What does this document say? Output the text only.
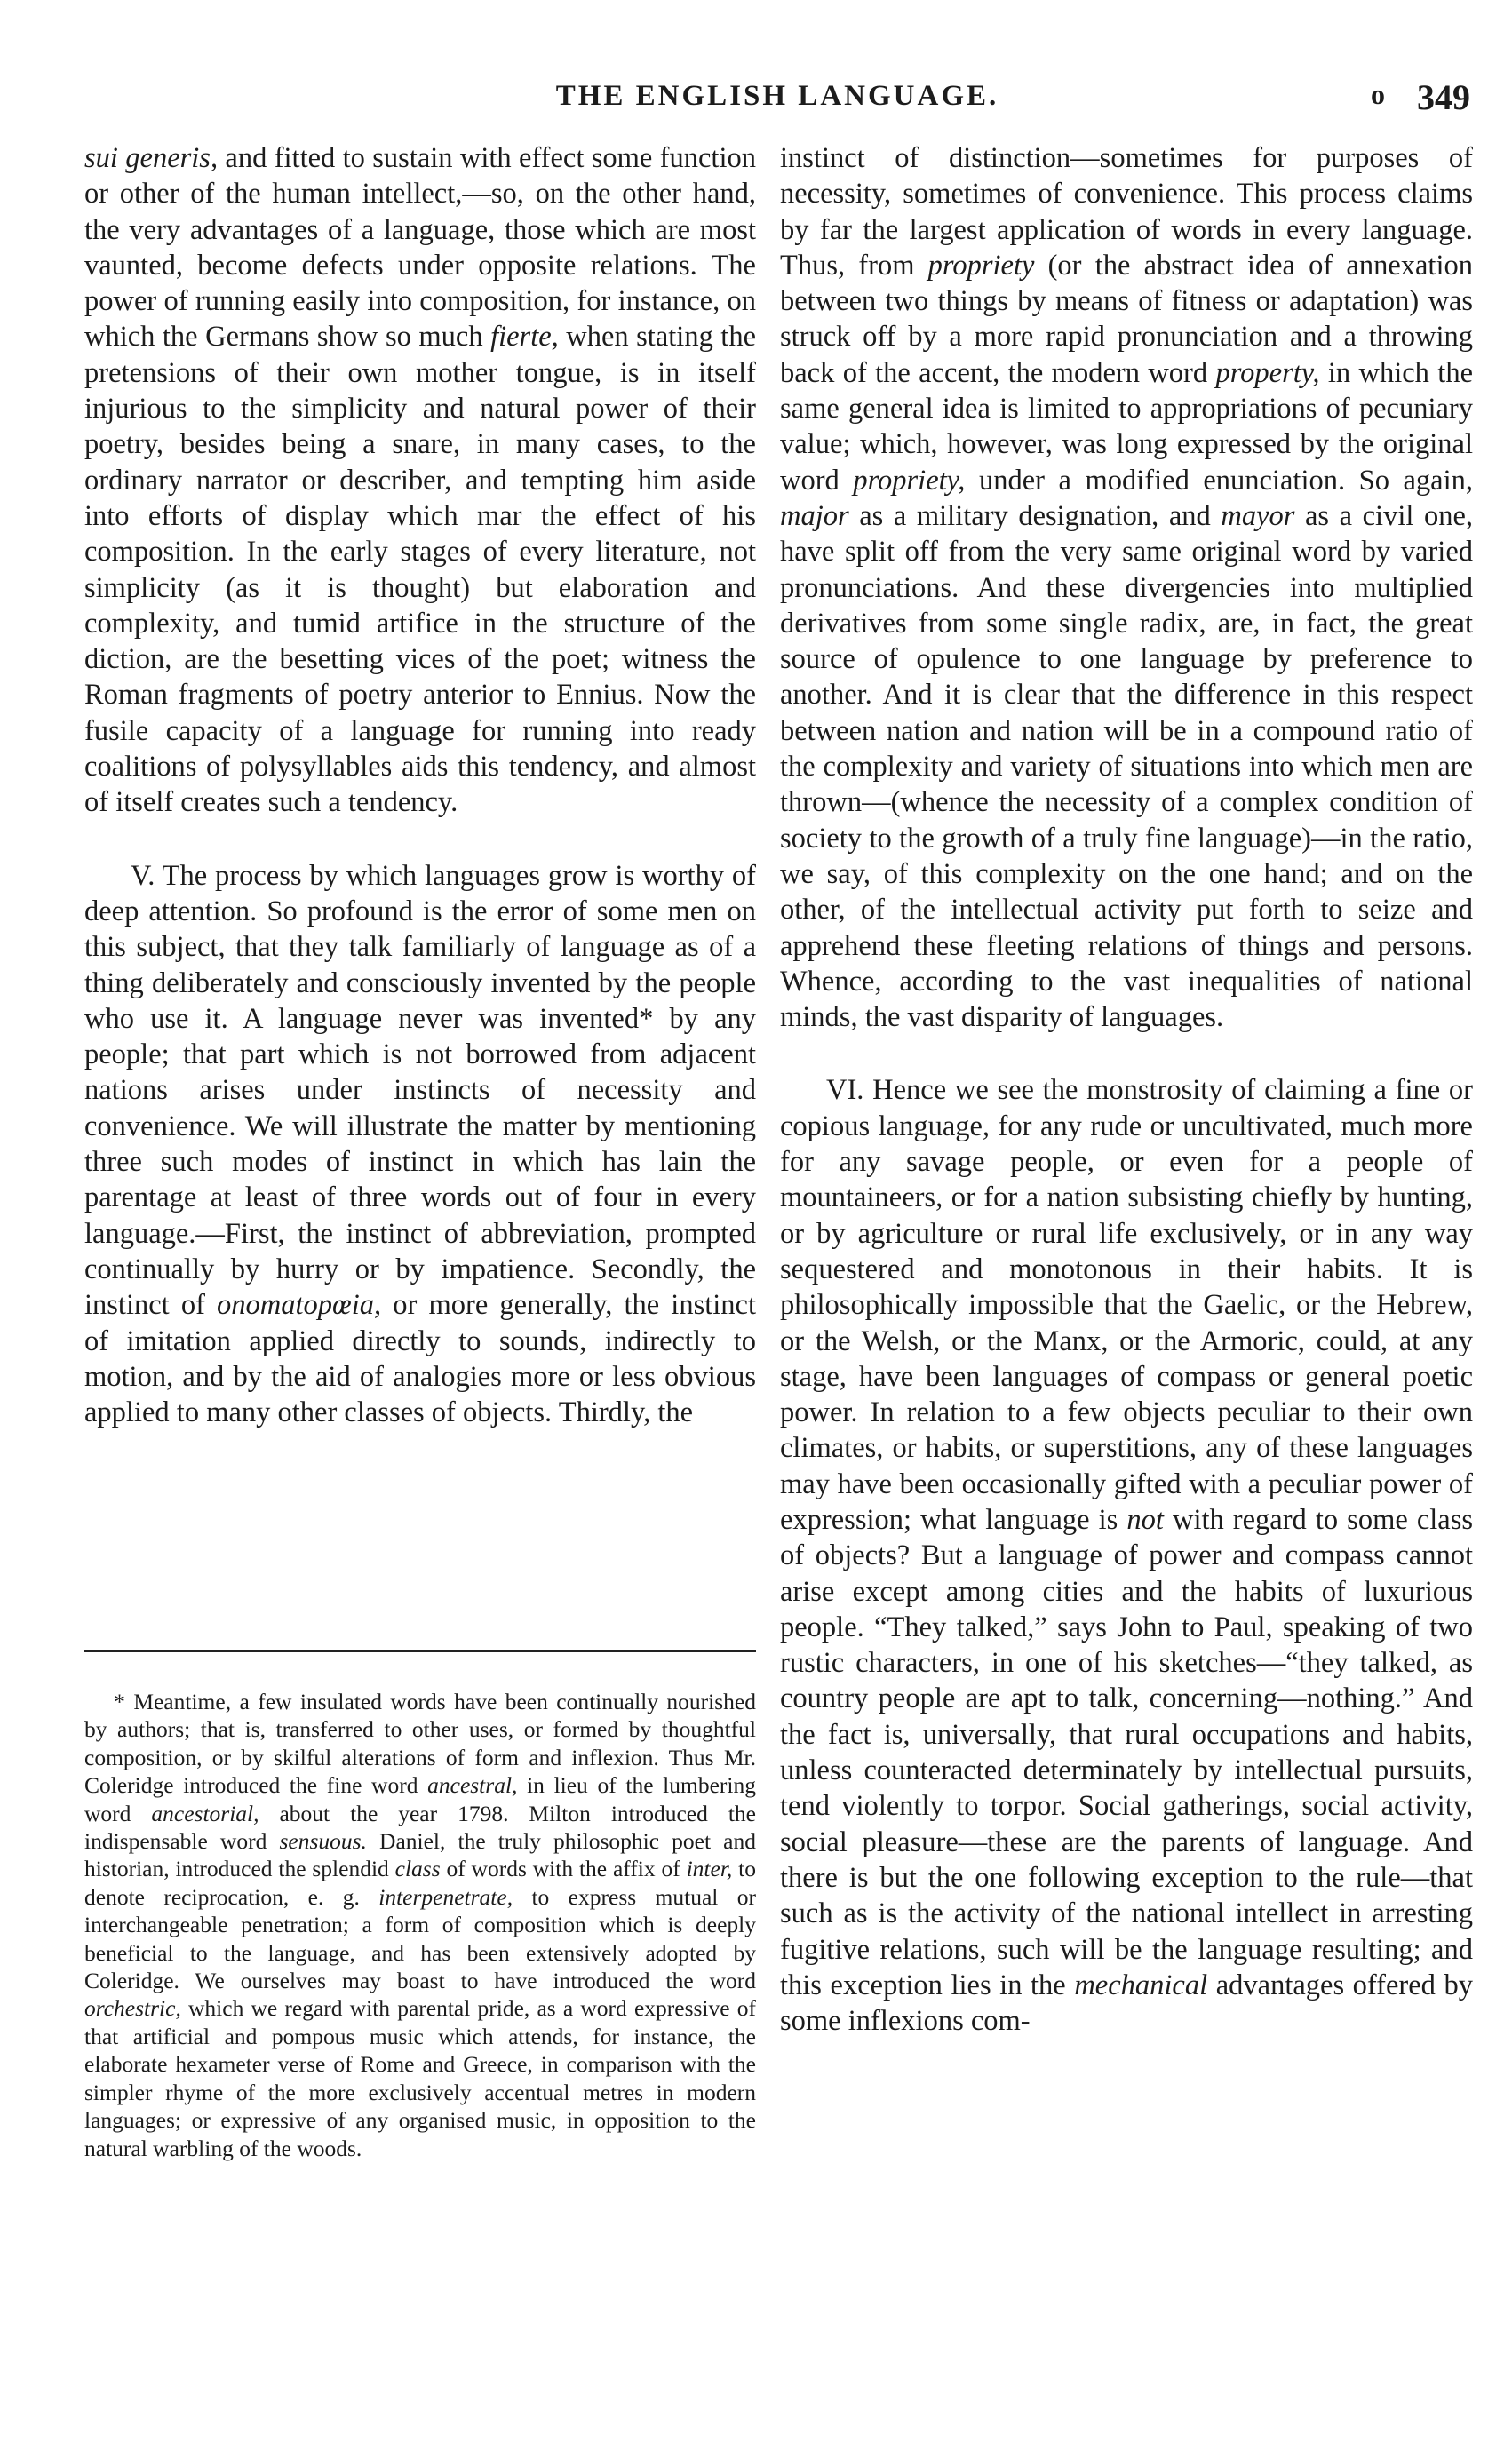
THE ENGLISH LANGUAGE.	o 349

sui generis, and fitted to sustain with effect some function or other of the human intellect,—so, on the other hand, the very advantages of a language, those which are most vaunted, become defects under opposite relations. The power of running easily into composition, for instance, on which the Germans show so much fierte, when stating the pretensions of their own mother tongue, is in itself injurious to the simplicity and natural power of their poetry, besides being a snare, in many cases, to the ordinary narrator or describer, and tempting him aside into efforts of display which mar the effect of his composition. In the early stages of every literature, not simplicity (as it is thought) but elaboration and complexity, and tumid artifice in the structure of the diction, are the besetting vices of the poet; witness the Roman fragments of poetry anterior to Ennius. Now the fusile capacity of a language for running into ready coalitions of polysyllables aids this tendency, and almost of itself creates such a tendency.

V. The process by which languages grow is worthy of deep attention. So profound is the error of some men on this subject, that they talk familiarly of language as of a thing deliberately and consciously invented by the people who use it. A language never was invented* by any people; that part which is not borrowed from adjacent nations arises under instincts of necessity and convenience. We will illustrate the matter by mentioning three such modes of instinct in which has lain the parentage at least of three words out of four in every language.—First, the instinct of abbreviation, prompted continually by hurry or by impatience. Secondly, the instinct of onomatopœia, or more generally, the instinct of imitation applied directly to sounds, indirectly to motion, and by the aid of analogies more or less obvious applied to many other classes of objects. Thirdly, the

* Meantime, a few insulated words have been continually nourished by authors; that is, transferred to other uses, or formed by thoughtful composition, or by skilful alterations of form and inflexion. Thus Mr. Coleridge introduced the fine word ancestral, in lieu of the lumbering word ancestorial, about the year 1798. Milton introduced the indispensable word sensuous. Daniel, the truly philosophic poet and historian, introduced the splendid class of words with the affix of inter, to denote reciprocation, e. g. interpenetrate, to express mutual or interchangeable penetration; a form of composition which is deeply beneficial to the language, and has been extensively adopted by Coleridge. We ourselves may boast to have introduced the word orchestric, which we regard with parental pride, as a word expressive of that artificial and pompous music which attends, for instance, the elaborate hexameter verse of Rome and Greece, in comparison with the simpler rhyme of the more exclusively accentual metres in modern languages; or expressive of any organised music, in opposition to the natural warbling of the woods.

instinct of distinction—sometimes for purposes of necessity, sometimes of convenience. This process claims by far the largest application of words in every language. Thus, from propriety (or the abstract idea of annexation between two things by means of fitness or adaptation) was struck off by a more rapid pronunciation and a throwing back of the accent, the modern word property, in which the same general idea is limited to appropriations of pecuniary value; which, however, was long expressed by the original word propriety, under a modified enunciation. So again, major as a military designation, and mayor as a civil one, have split off from the very same original word by varied pronunciations. And these divergencies into multiplied derivatives from some single radix, are, in fact, the great source of opulence to one language by preference to another. And it is clear that the difference in this respect between nation and nation will be in a compound ratio of the complexity and variety of situations into which men are thrown—(whence the necessity of a complex condition of society to the growth of a truly fine language)—in the ratio, we say, of this complexity on the one hand; and on the other, of the intellectual activity put forth to seize and apprehend these fleeting relations of things and persons. Whence, according to the vast inequalities of national minds, the vast disparity of languages.

VI. Hence we see the monstrosity of claiming a fine or copious language, for any rude or uncultivated, much more for any savage people, or even for a people of mountaineers, or for a nation subsisting chiefly by hunting, or by agriculture or rural life exclusively, or in any way sequestered and monotonous in their habits. It is philosophically impossible that the Gaelic, or the Hebrew, or the Welsh, or the Manx, or the Armoric, could, at any stage, have been languages of compass or general poetic power. In relation to a few objects peculiar to their own climates, or habits, or superstitions, any of these languages may have been occasionally gifted with a peculiar power of expression; what language is not with regard to some class of objects? But a language of power and compass cannot arise except among cities and the habits of luxurious people. “They talked,” says John to Paul, speaking of two rustic characters, in one of his sketches—“they talked, as country people are apt to talk, concerning—nothing.” And the fact is, universally, that rural occupations and habits, unless counteracted determinately by intellectual pursuits, tend violently to torpor. Social gatherings, social activity, social pleasure—these are the parents of language. And there is but the one following exception to the rule—that such as is the activity of the national intellect in arresting fugitive relations, such will be the language resulting; and this exception lies in the mechanical advantages offered by some inflexions com-
